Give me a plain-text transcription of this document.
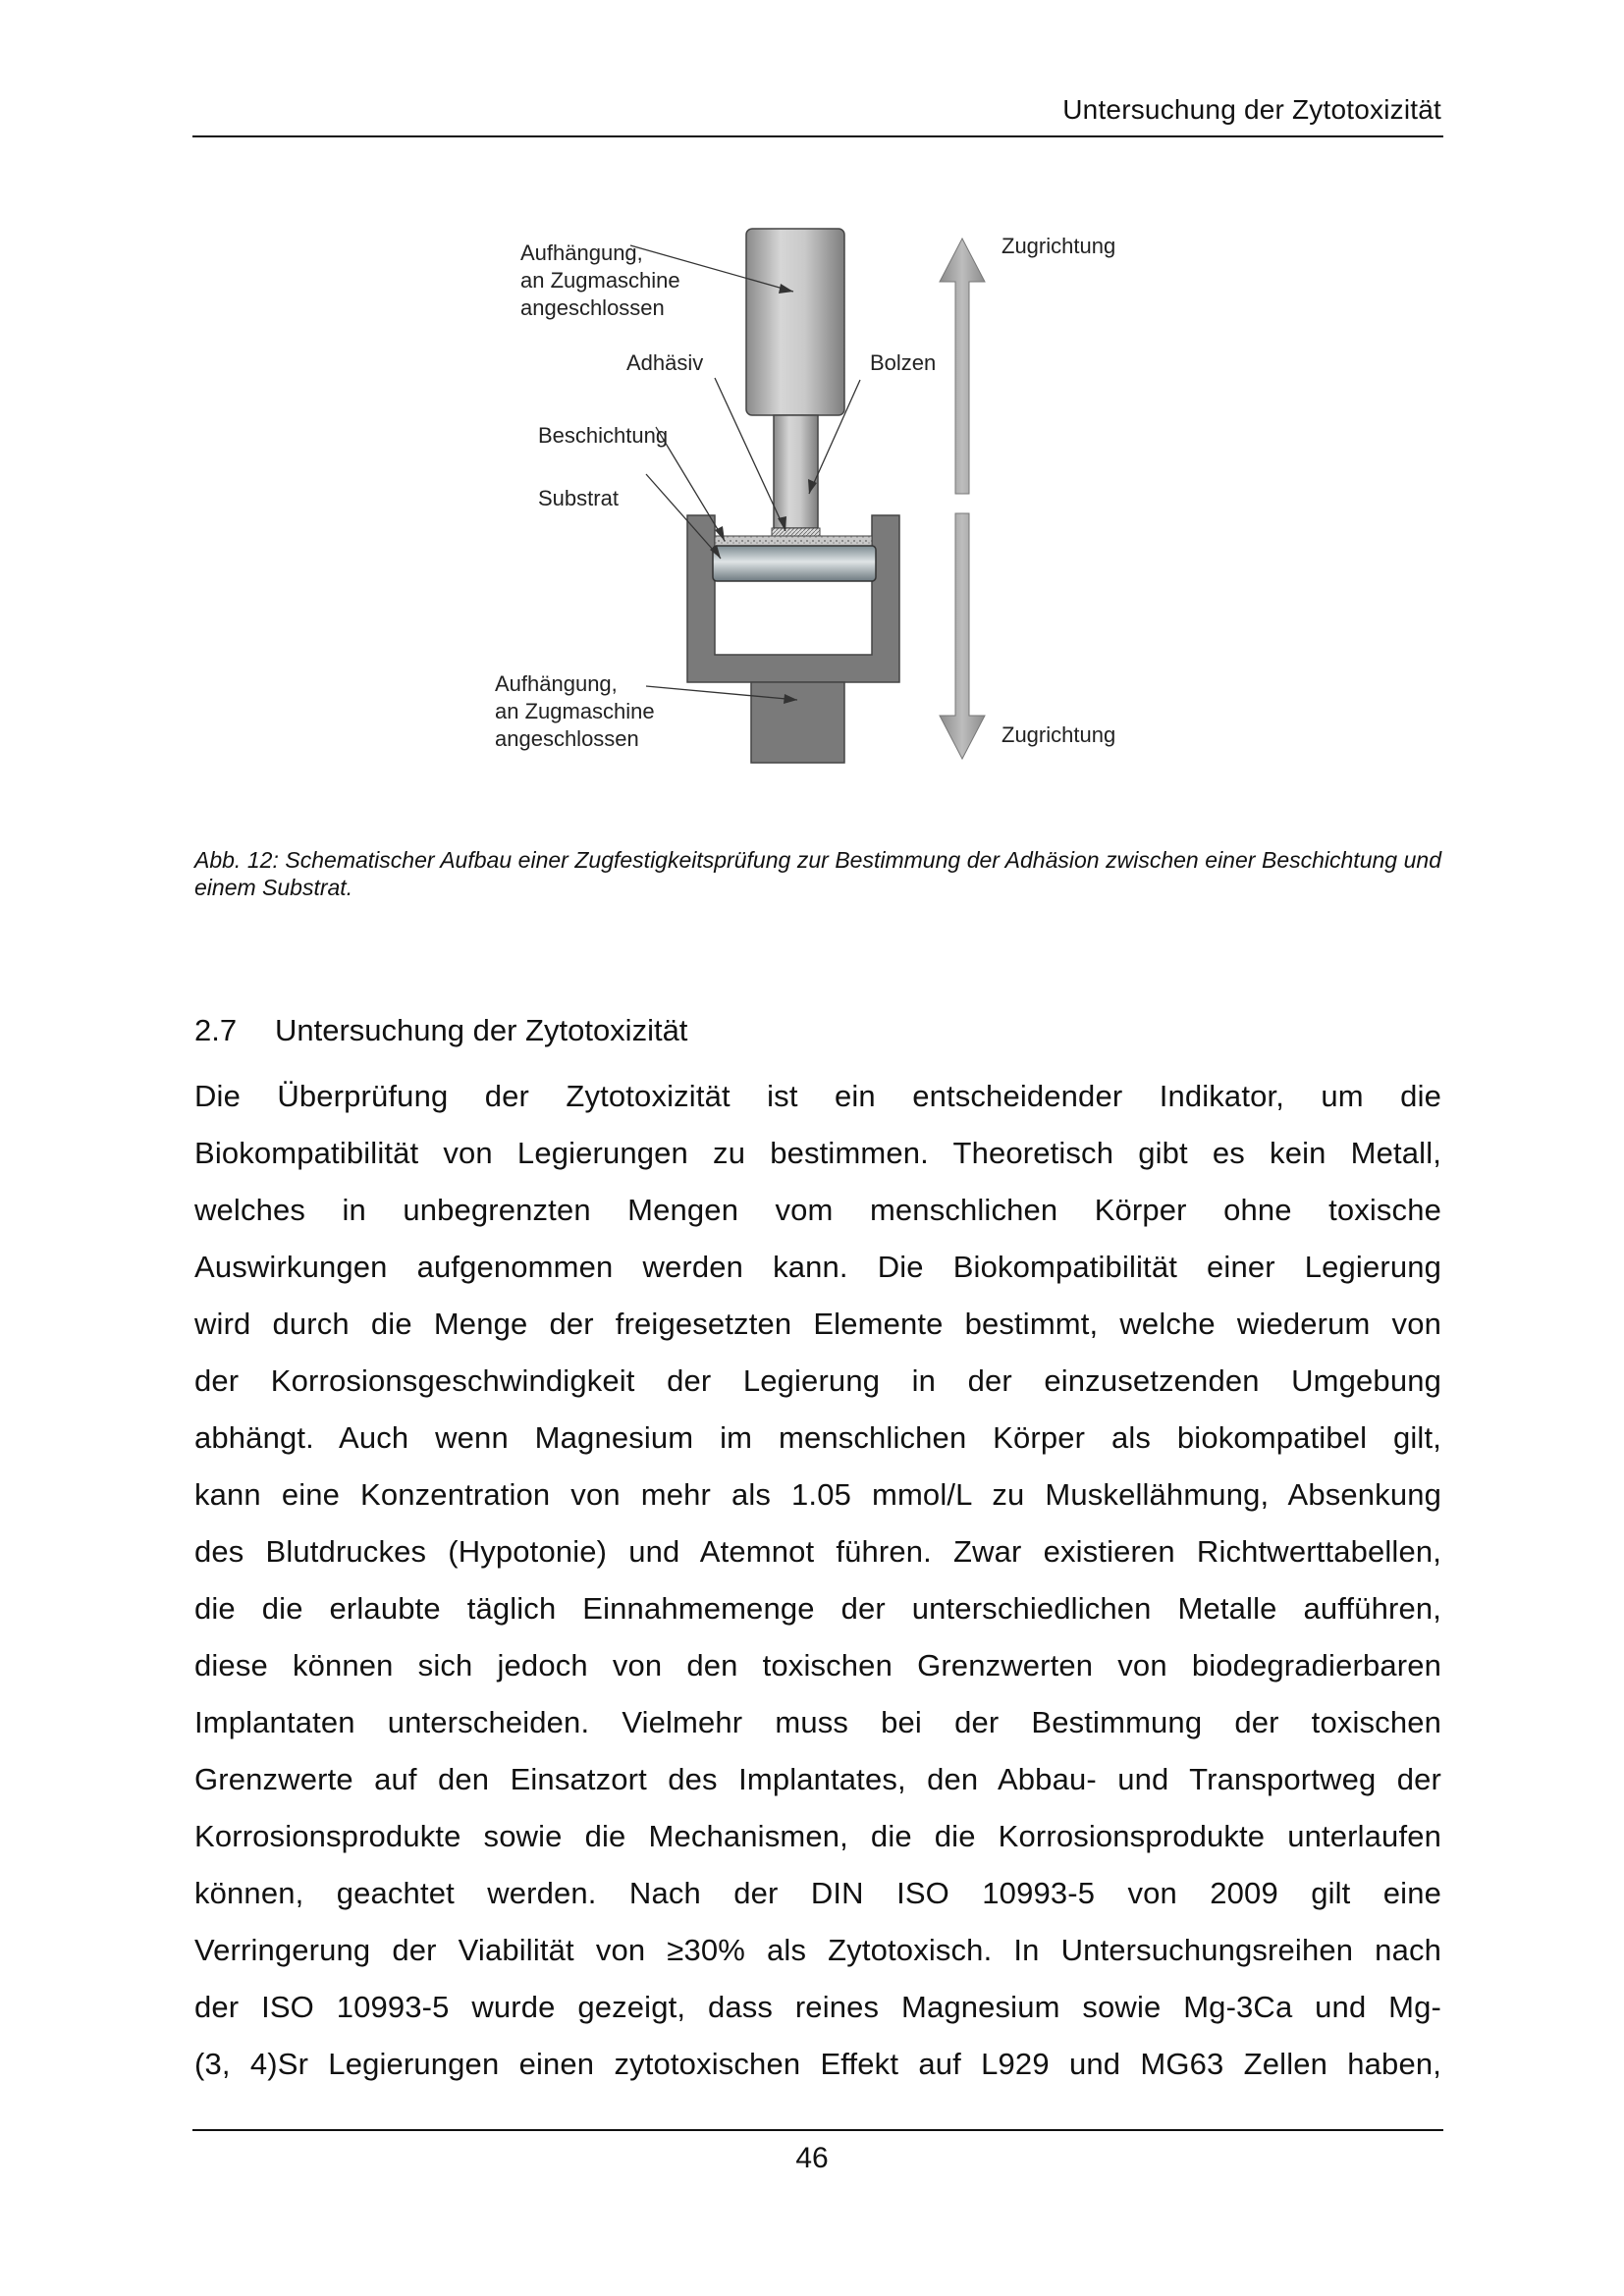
Untersuchung der Zytotoxizität
Aufhängung,
an Zugmaschine
angeschlossen
Adhäsiv	Bolzen
Beschichtung
Substrat
Aufhängung,
an Zugmaschine
angeschlossen
Zugrichtung
Zugrichtung
Abb. 12: Schematischer Aufbau einer Zugfestigkeitsprüfung zur Bestimmung der Adhäsion zwischen einer Beschichtung und einem Substrat.
2.7 Untersuchung der Zytotoxizität
Die Überprüfung der Zytotoxizität ist ein entscheidender Indikator, um die
Biokompatibilität von Legierungen zu bestimmen. Theoretisch gibt es kein Metall,
welches in unbegrenzten Mengen vom menschlichen Körper ohne toxische
Auswirkungen aufgenommen werden kann. Die Biokompatibilität einer Legierung
wird durch die Menge der freigesetzten Elemente bestimmt, welche wiederum von
der Korrosionsgeschwindigkeit der Legierung in der einzusetzenden Umgebung
abhängt. Auch wenn Magnesium im menschlichen Körper als biokompatibel gilt,
kann eine Konzentration von mehr als 1.05 mmol/L zu Muskellähmung, Absenkung
des Blutdruckes (Hypotonie) und Atemnot führen. Zwar existieren Richtwerttabellen,
die die erlaubte täglich Einnahmemenge der unterschiedlichen Metalle aufführen,
diese können sich jedoch von den toxischen Grenzwerten von biodegradierbaren
Implantaten unterscheiden. Vielmehr muss bei der Bestimmung der toxischen
Grenzwerte auf den Einsatzort des Implantates, den Abbau- und Transportweg der
Korrosionsprodukte sowie die Mechanismen, die die Korrosionsprodukte unterlaufen
können, geachtet werden. Nach der DIN ISO 10993-5 von 2009 gilt eine
Verringerung der Viabilität von ≥30% als Zytotoxisch. In Untersuchungsreihen nach
der ISO 10993-5 wurde gezeigt, dass reines Magnesium sowie Mg-3Ca und Mg-
(3, 4)Sr Legierungen einen zytotoxischen Effekt auf L929 und MG63 Zellen haben,
46
